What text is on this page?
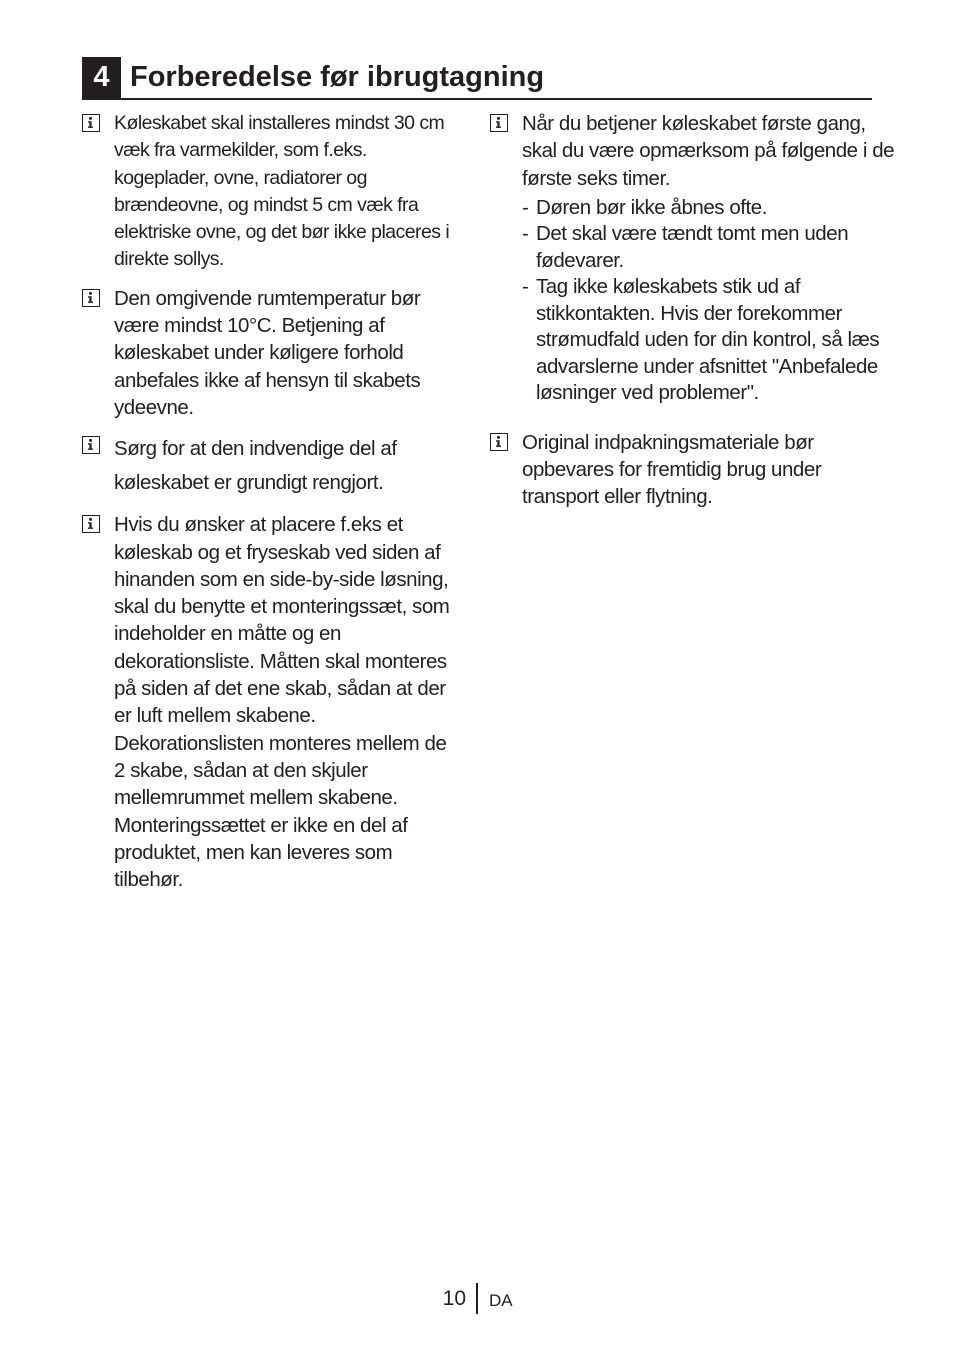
4 Forberedelse før ibrugtagning
Køleskabet skal installeres mindst 30 cm væk fra varmekilder, som f.eks. kogeplader, ovne, radiatorer og brændeovne, og mindst 5 cm væk fra elektriske ovne, og det bør ikke placeres i direkte sollys.
Den omgivende rumtemperatur bør være mindst 10°C. Betjening af køleskabet under køligere forhold anbefales ikke af hensyn til skabets ydeevne.
Sørg for at den indvendige del af køleskabet er grundigt rengjort.
Hvis du ønsker at placere f.eks et køleskab og et fryseskab ved siden af hinanden som en side-by-side løsning, skal du benytte et monteringssæt, som indeholder en måtte og en dekorationsliste. Måtten skal monteres på siden af det ene skab, sådan at der er luft mellem skabene. Dekorationslisten monteres mellem de 2 skabe, sådan at den skjuler mellemrummet mellem skabene. Monteringssættet er ikke en del af produktet, men kan leveres som tilbehør.
Når du betjener køleskabet første gang, skal du være opmærksom på følgende i de første seks timer.
- Døren bør ikke åbnes ofte.
- Det skal være tændt tomt men uden fødevarer.
- Tag ikke køleskabets stik ud af stikkontakten. Hvis der forekommer strømudfald uden for din kontrol, så læs advarslerne under afsnittet "Anbefalede løsninger ved problemer".
Original indpakningsmateriale bør opbevares for fremtidig brug under transport eller flytning.
10 DA
